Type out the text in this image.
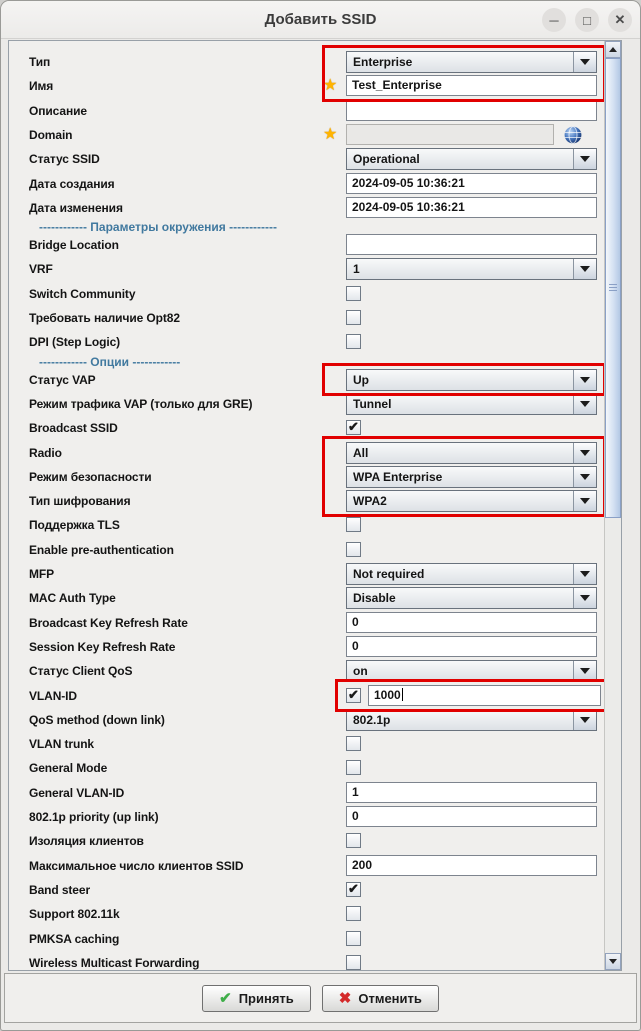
Добавить SSID	─	□	✕
Тип	Enterprise
Имя	★	Test_Enterprise
Описание
Domain	★
Статус SSID	Operational
Дата создания	2024-09-05 10:36:21
Дата изменения	2024-09-05 10:36:21
------------ Параметры окружения ------------
Bridge Location
VRF	1
Switch Community
Требовать наличие Opt82
DPI (Step Logic)
------------ Опции ------------
Статус VAP	Up
Режим трафика VAP (только для GRE)	Tunnel
Broadcast SSID	✔
Radio	All
Режим безопасности	WPA Enterprise
Тип шифрования	WPA2
Поддержка TLS
Enable pre-authentication
MFP	Not required
MAC Auth Type	Disable
Broadcast Key Refresh Rate	0
Session Key Refresh Rate	0
Статус Client QoS	on
VLAN-ID	✔	1000
QoS method (down link)	802.1p
VLAN trunk
General Mode
General VLAN-ID	1
802.1p priority (up link)	0
Изоляция клиентов
Максимальное число клиентов SSID	200
Band steer	✔
Support 802.11k
PMKSA caching
Wireless Multicast Forwarding
✔ Принять	✖ Отменить
